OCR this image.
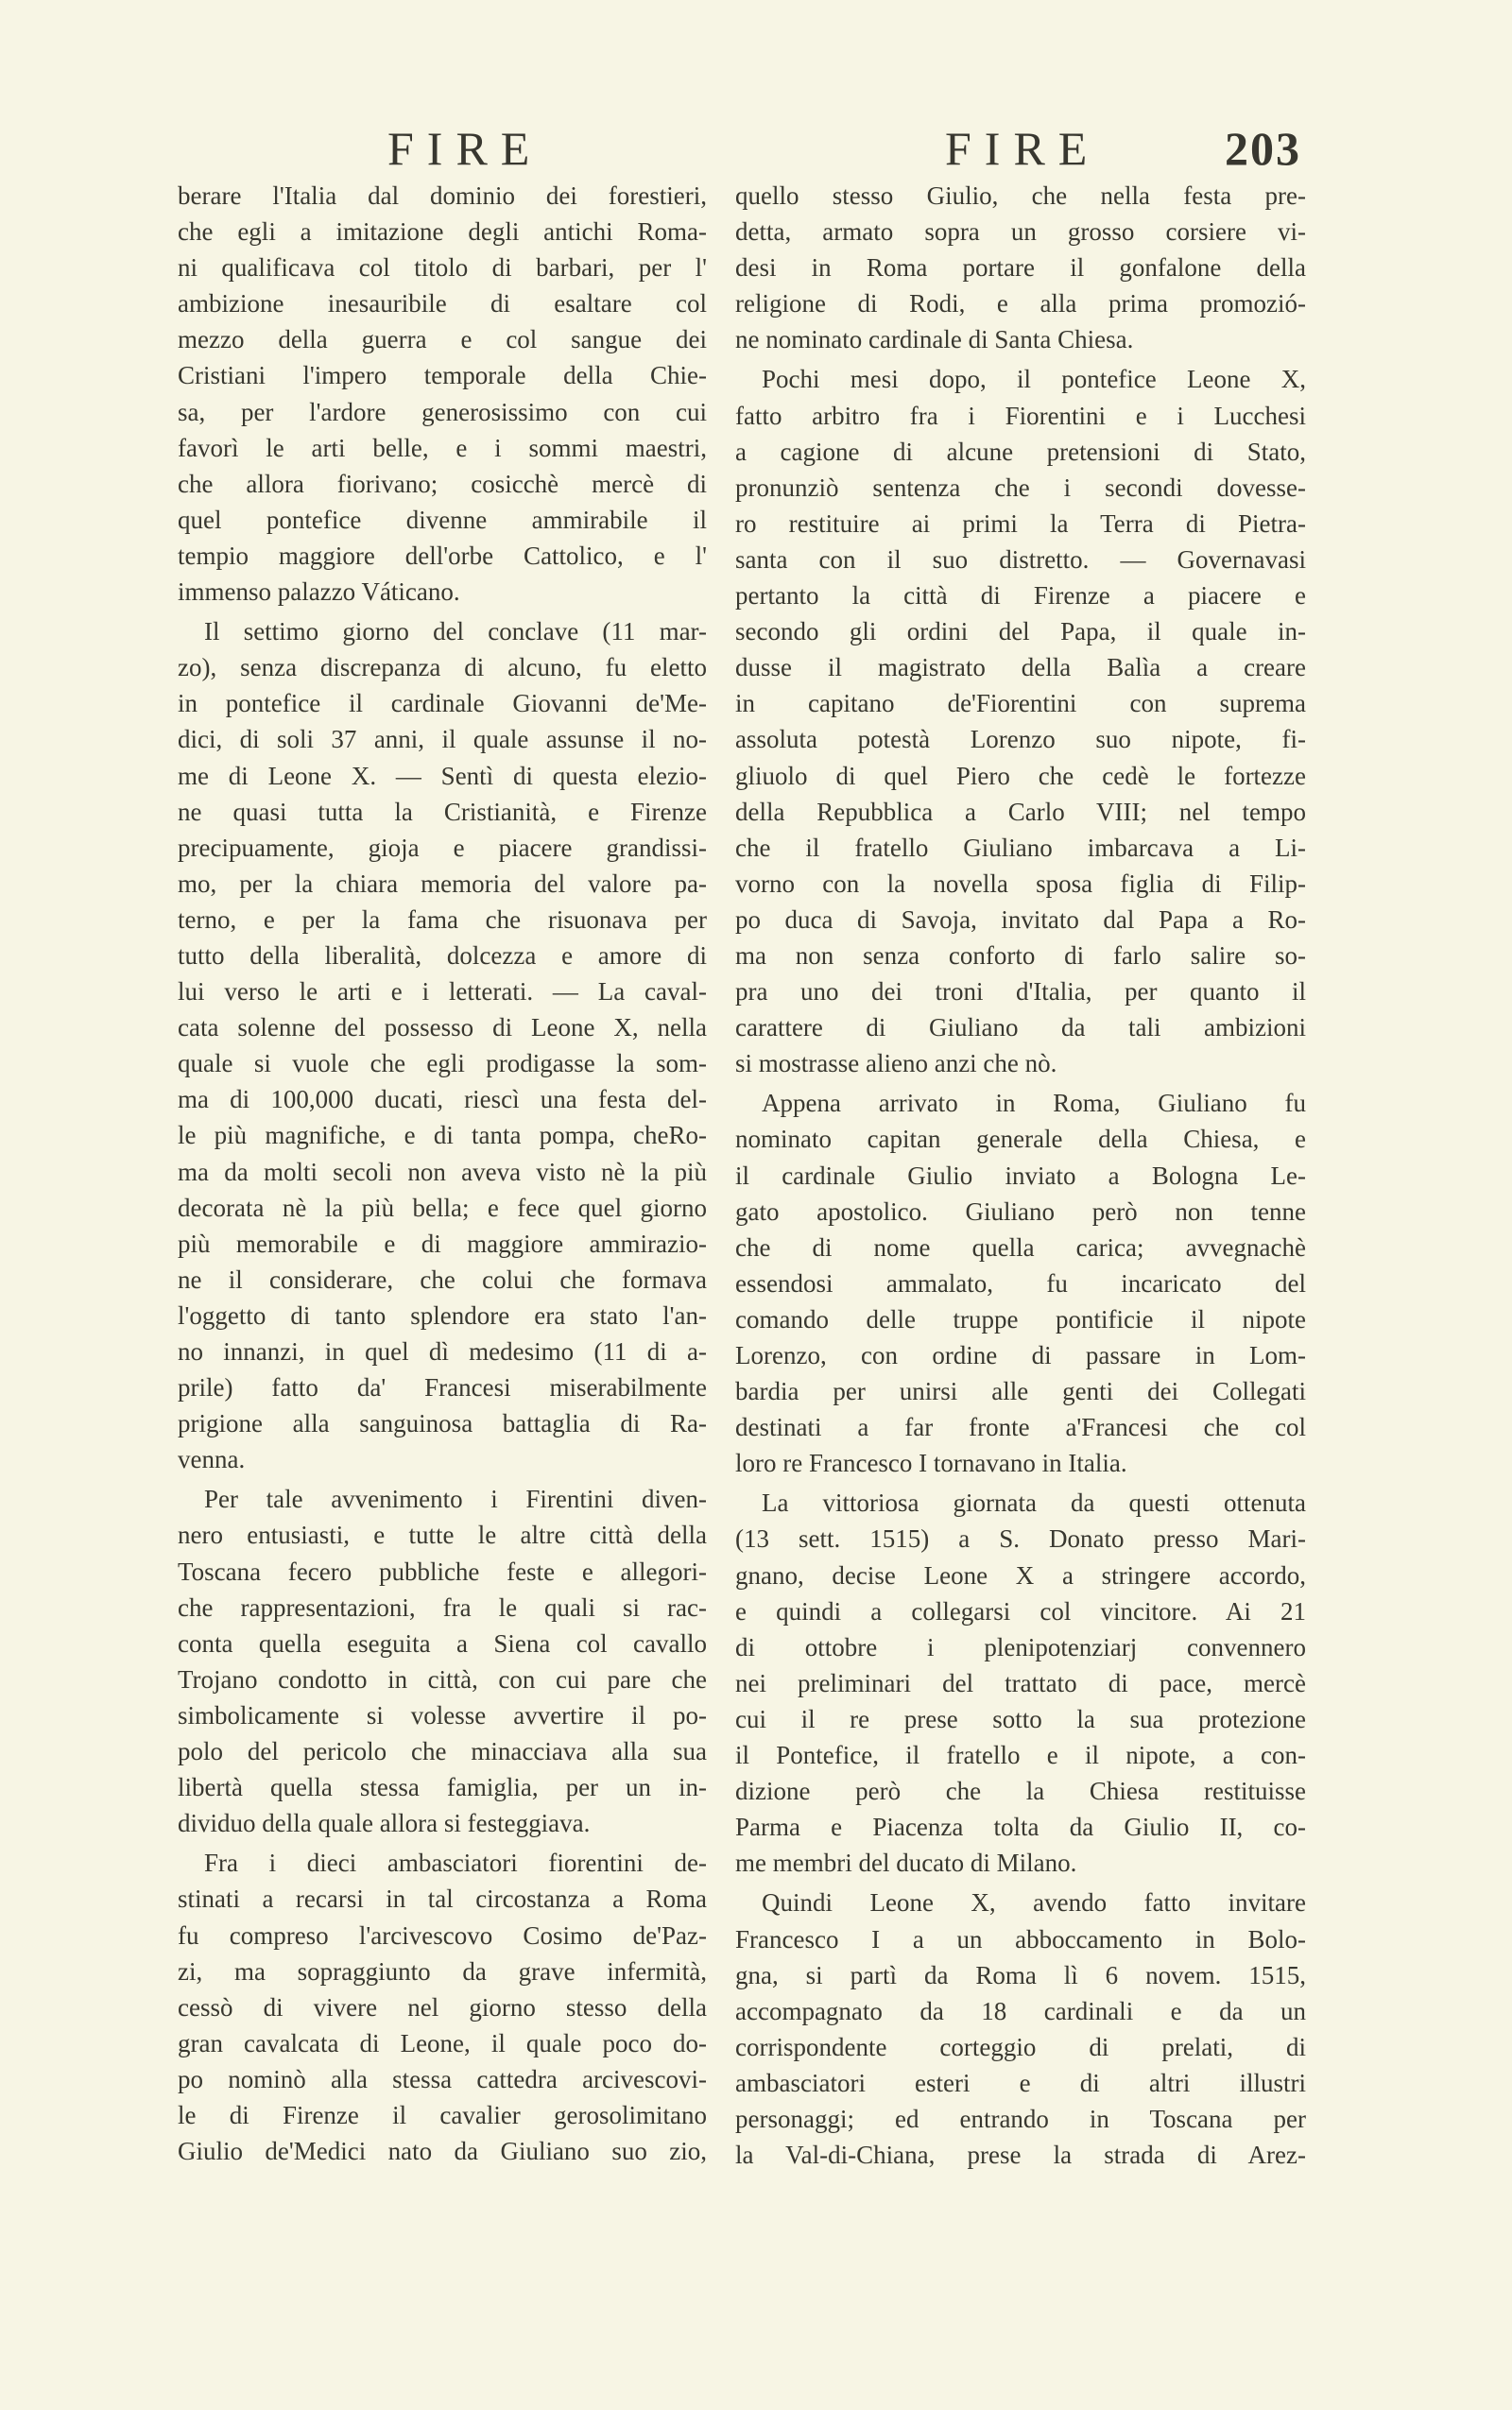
FIRE	FIRE	203
berare l'Italia dal dominio dei forestieri,
che egli a imitazione degli antichi Roma-
ni qualificava col titolo di barbari, per l'
ambizione inesauribile di esaltare col
mezzo della guerra e col sangue dei
Cristiani l'impero temporale della Chie-
sa, per l'ardore generosissimo con cui
favorì le arti belle, e i sommi maestri,
che allora fiorivano; cosicchè mercè di
quel pontefice divenne ammirabile il
tempio maggiore dell'orbe Cattolico, e l'
immenso palazzo Váticano.
Il settimo giorno del conclave (11 mar-
zo), senza discrepanza di alcuno, fu eletto
in pontefice il cardinale Giovanni de'Me-
dici, di soli 37 anni, il quale assunse il no-
me di Leone X. — Sentì di questa elezio-
ne quasi tutta la Cristianità, e Firenze
precipuamente, gioja e piacere grandissi-
mo, per la chiara memoria del valore pa-
terno, e per la fama che risuonava per
tutto della liberalità, dolcezza e amore di
lui verso le arti e i letterati. — La caval-
cata solenne del possesso di Leone X, nella
quale si vuole che egli prodigasse la som-
ma di 100,000 ducati, riescì una festa del-
le più magnifiche, e di tanta pompa, cheRo-
ma da molti secoli non aveva visto nè la più
decorata nè la più bella; e fece quel giorno
più memorabile e di maggiore ammirazio-
ne il considerare, che colui che formava
l'oggetto di tanto splendore era stato l'an-
no innanzi, in quel dì medesimo (11 di a-
prile) fatto da' Francesi miserabilmente
prigione alla sanguinosa battaglia di Ra-
venna.
Per tale avvenimento i Firentini diven-
nero entusiasti, e tutte le altre città della
Toscana fecero pubbliche feste e allegori-
che rappresentazioni, fra le quali si rac-
conta quella eseguita a Siena col cavallo
Trojano condotto in città, con cui pare che
simbolicamente si volesse avvertire il po-
polo del pericolo che minacciava alla sua
libertà quella stessa famiglia, per un in-
dividuo della quale allora si festeggiava.
Fra i dieci ambasciatori fiorentini de-
stinati a recarsi in tal circostanza a Roma
fu compreso l'arcivescovo Cosimo de'Paz-
zi, ma sopraggiunto da grave infermità,
cessò di vivere nel giorno stesso della
gran cavalcata di Leone, il quale poco do-
po nominò alla stessa cattedra arcivescovi-
le di Firenze il cavalier gerosolimitano
Giulio de'Medici nato da Giuliano suo zio,
quello stesso Giulio, che nella festa pre-
detta, armato sopra un grosso corsiere vi-
desi in Roma portare il gonfalone della
religione di Rodi, e alla prima promozió-
ne nominato cardinale di Santa Chiesa.
Pochi mesi dopo, il pontefice Leone X,
fatto arbitro fra i Fiorentini e i Lucchesi
a cagione di alcune pretensioni di Stato,
pronunziò sentenza che i secondi dovesse-
ro restituire ai primi la Terra di Pietra-
santa con il suo distretto. — Governavasi
pertanto la città di Firenze a piacere e
secondo gli ordini del Papa, il quale in-
dusse il magistrato della Balìa a creare
in capitano de'Fiorentini con suprema
assoluta potestà Lorenzo suo nipote, fi-
gliuolo di quel Piero che cedè le fortezze
della Repubblica a Carlo VIII; nel tempo
che il fratello Giuliano imbarcava a Li-
vorno con la novella sposa figlia di Filip-
po duca di Savoja, invitato dal Papa a Ro-
ma non senza conforto di farlo salire so-
pra uno dei troni d'Italia, per quanto il
carattere di Giuliano da tali ambizioni
si mostrasse alieno anzi che nò.
Appena arrivato in Roma, Giuliano fu
nominato capitan generale della Chiesa, e
il cardinale Giulio inviato a Bologna Le-
gato apostolico. Giuliano però non tenne
che di nome quella carica; avvegnachè
essendosi ammalato, fu incaricato del
comando delle truppe pontificie il nipote
Lorenzo, con ordine di passare in Lom-
bardia per unirsi alle genti dei Collegati
destinati a far fronte a'Francesi che col
loro re Francesco I tornavano in Italia.
La vittoriosa giornata da questi ottenuta
(13 sett. 1515) a S. Donato presso Mari-
gnano, decise Leone X a stringere accordo,
e quindi a collegarsi col vincitore. Ai 21
di ottobre i plenipotenziarj convennero
nei preliminari del trattato di pace, mercè
cui il re prese sotto la sua protezione
il Pontefice, il fratello e il nipote, a con-
dizione però che la Chiesa restituisse
Parma e Piacenza tolta da Giulio II, co-
me membri del ducato di Milano.
Quindi Leone X, avendo fatto invitare
Francesco I a un abboccamento in Bolo-
gna, si partì da Roma lì 6 novem. 1515,
accompagnato da 18 cardinali e da un
corrispondente corteggio di prelati, di
ambasciatori esteri e di altri illustri
personaggi; ed entrando in Toscana per
la Val-di-Chiana, prese la strada di Arez-
